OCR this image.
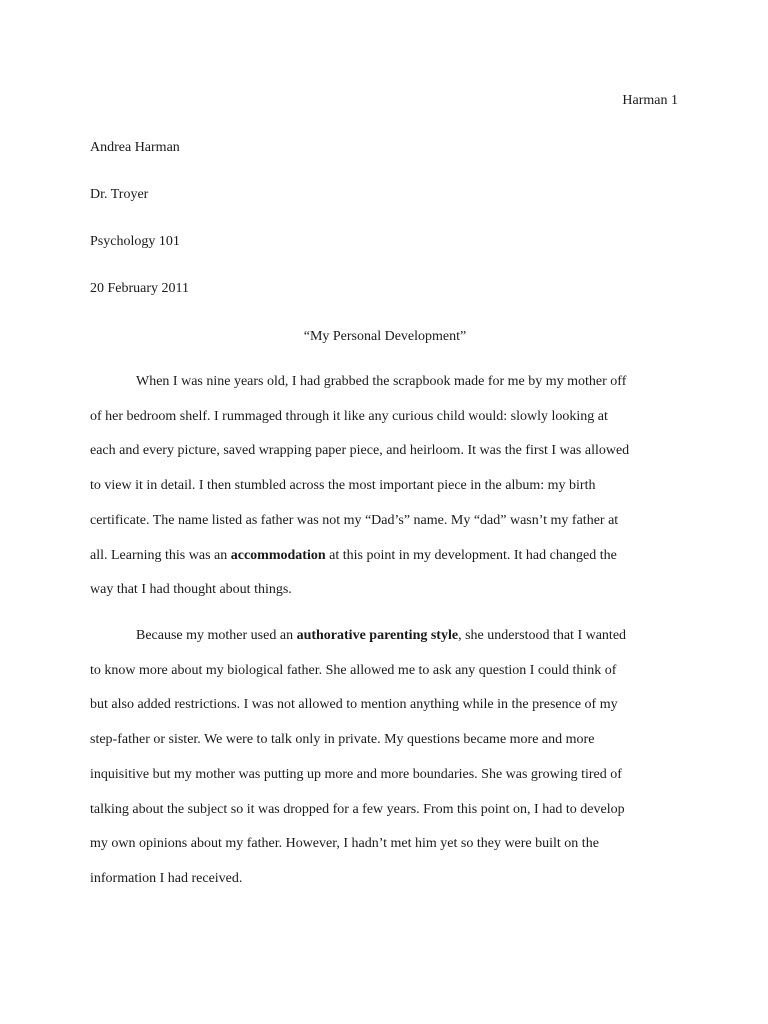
Harman 1
Andrea Harman
Dr. Troyer
Psychology 101
20 February 2011
“My Personal Development”

When I was nine years old, I had grabbed the scrapbook made for me by my mother off
of her bedroom shelf. I rummaged through it like any curious child would: slowly looking at
each and every picture, saved wrapping paper piece, and heirloom. It was the first I was allowed
to view it in detail. I then stumbled across the most important piece in the album: my birth
certificate. The name listed as father was not my “Dad’s” name. My “dad” wasn’t my father at
all. Learning this was an accommodation at this point in my development. It had changed the
way that I had thought about things.

Because my mother used an authorative parenting style, she understood that I wanted
to know more about my biological father. She allowed me to ask any question I could think of
but also added restrictions. I was not allowed to mention anything while in the presence of my
step-father or sister. We were to talk only in private. My questions became more and more
inquisitive but my mother was putting up more and more boundaries. She was growing tired of
talking about the subject so it was dropped for a few years. From this point on, I had to develop
my own opinions about my father. However, I hadn’t met him yet so they were built on the
information I had received.
